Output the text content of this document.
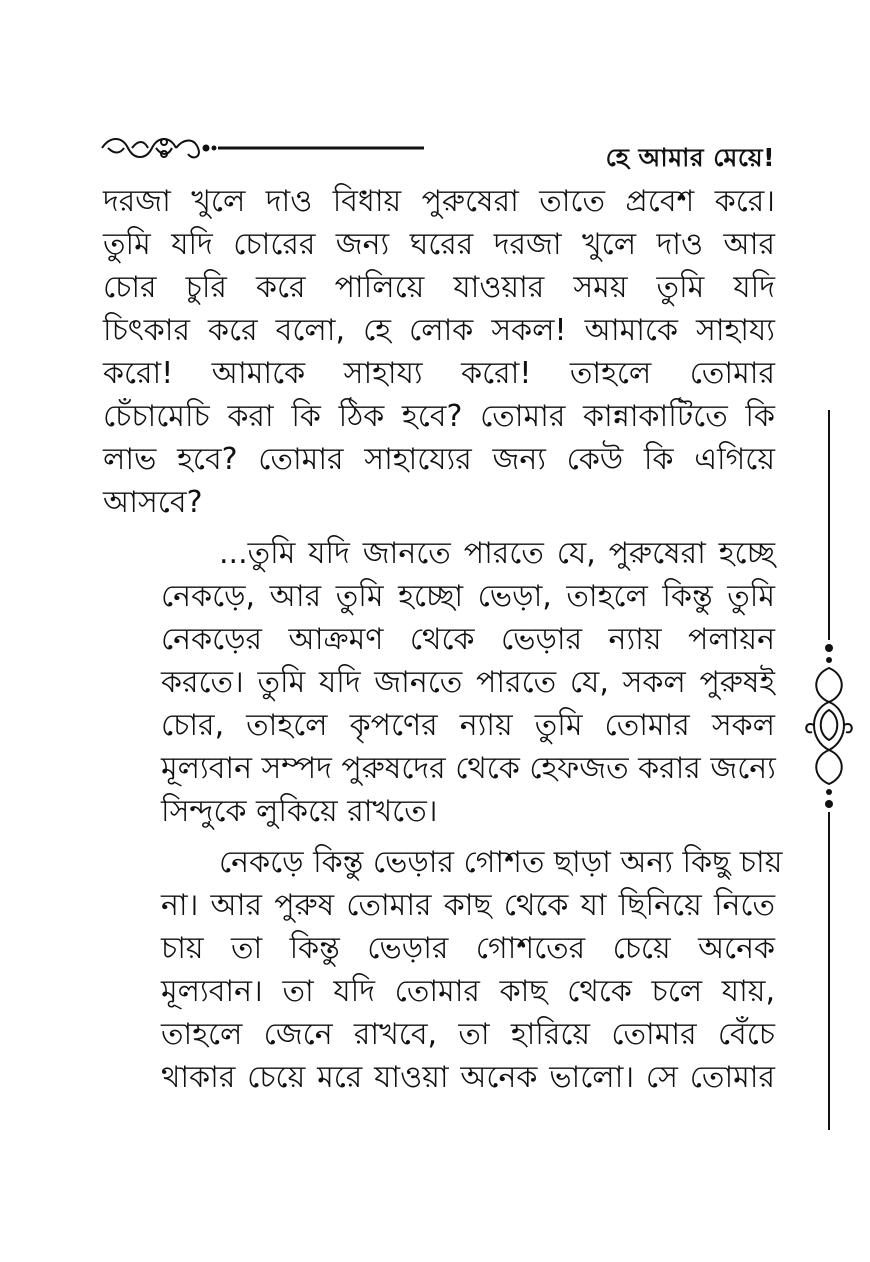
হে আমার মেয়ে!
দরজা খুলে দাও বিধায় পুরুষেরা তাতে প্রবেশ করে।
তুমি যদি চোরের জন্য ঘরের দরজা খুলে দাও আর
চোর চুরি করে পালিয়ে যাওয়ার সময় তুমি যদি
চিৎকার করে বলো, হে লোক সকল! আমাকে সাহায্য
করো! আমাকে সাহায্য করো! তাহলে তোমার
চেঁচামেচি করা কি ঠিক হবে? তোমার কান্নাকাটিতে কি
লাভ হবে? তোমার সাহায্যের জন্য কেউ কি এগিয়ে
আসবে?
...তুমি যদি জানতে পারতে যে, পুরুষেরা হচ্ছে
নেকড়ে, আর তুমি হচ্ছো ভেড়া, তাহলে কিন্তু তুমি
নেকড়ের আক্রমণ থেকে ভেড়ার ন্যায় পলায়ন
করতে। তুমি যদি জানতে পারতে যে, সকল পুরুষই
চোর, তাহলে কৃপণের ন্যায় তুমি তোমার সকল
মূল্যবান সম্পদ পুরুষদের থেকে হেফজত করার জন্যে
সিন্দুকে লুকিয়ে রাখতে।
নেকড়ে কিন্তু ভেড়ার গোশত ছাড়া অন্য কিছু চায়
না। আর পুরুষ তোমার কাছ থেকে যা ছিনিয়ে নিতে
চায় তা কিন্তু ভেড়ার গোশতের চেয়ে অনেক
মূল্যবান। তা যদি তোমার কাছ থেকে চলে যায়,
তাহলে জেনে রাখবে, তা হারিয়ে তোমার বেঁচে
থাকার চেয়ে মরে যাওয়া অনেক ভালো। সে তোমার
